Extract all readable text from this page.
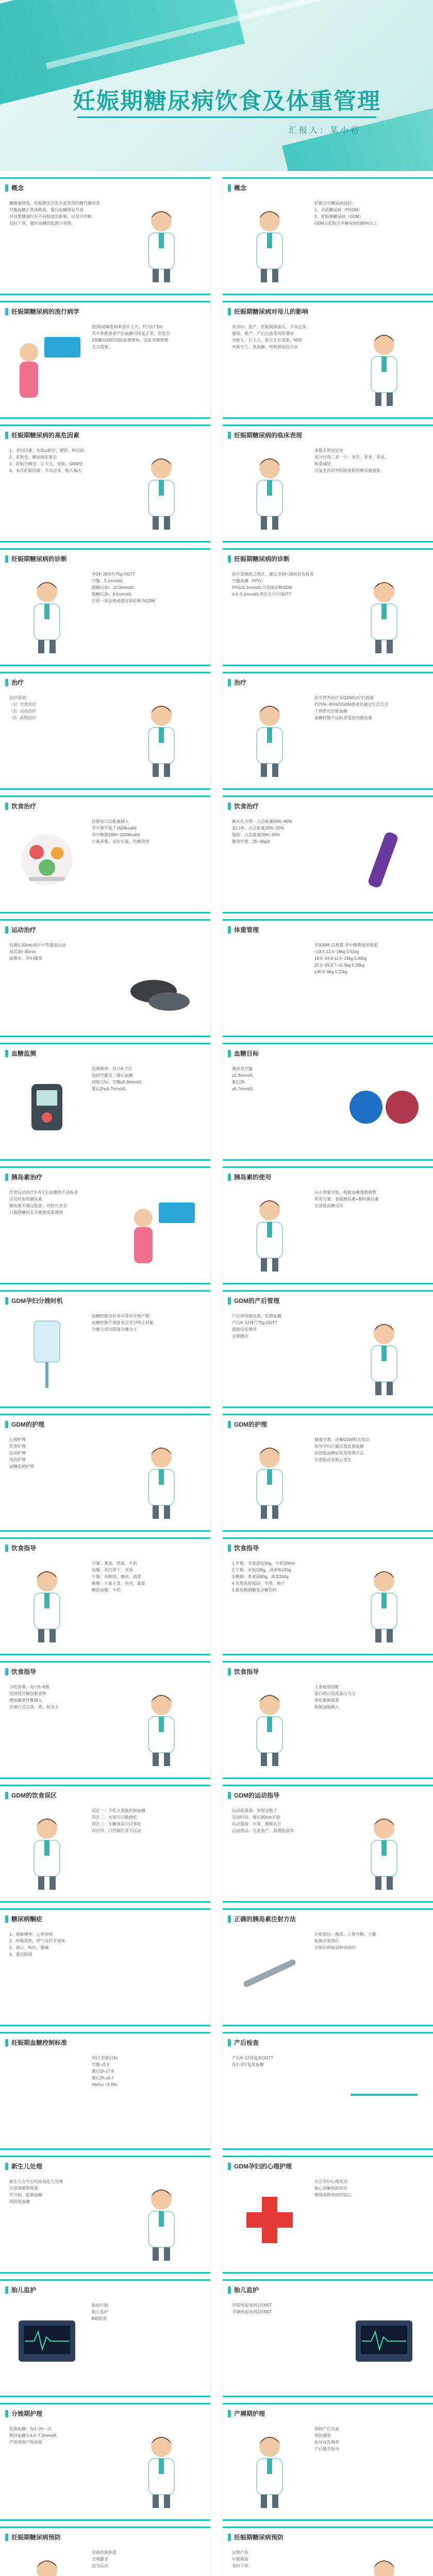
妊娠期糖尿病饮食及体重管理
汇报人：某小裕
概念
糖耐量降低：妊娠期首次发生或发现的糖代谢异常
空腹血糖正常或稍高，餐后血糖明显升高
对母婴健康均有不同程度的影响，应及早诊断、
及时干预，做好血糖的监测与管理。
概念
妊娠合并糖尿病包括：
1、孕前糖尿病（PGDM）
2、妊娠期糖尿病（GDM）
GDM占妊娠合并糖尿病的80%以上
妊娠期糖尿病的流行病学
我国GDM发病率逐年上升，约为17.5%
其中多数患者产后血糖可恢复正常，但发生
2型糖尿病的风险显著增加，因此孕期管理
尤为重要。
妊娠期糖尿病对母儿的影响
对孕妇：流产、妊娠期高血压、羊水过多、
感染、难产、产后出血等风险增加
对胎儿：巨大儿、胎儿生长受限、畸形
对新生儿：低血糖、呼吸窘迫综合征
妊娠期糖尿病的高危因素
1、孕妇因素：年龄≥35岁、肥胖、PCOS
2、家族史：糖尿病家族史
3、妊娠分娩史：巨大儿、死胎、GDM史
4、本次妊娠因素：羊水过多、胎儿偏大
妊娠期糖尿病的临床表现
多数无明显症状
部分出现三多一少：多饮、多食、多尿、
体重减轻
反复发作的外阴阴道假丝酵母菌感染
妊娠期糖尿病的诊断
孕24~28周行75g OGTT
空腹：5.1mmol/L
服糖后1h：10.0mmol/L
服糖后2h：8.5mmol/L
任何一项达到或超过即诊断为GDM
妊娠期糖尿病的诊断
医疗资源缺乏地区，建议孕24~28周首先检查
空腹血糖（FPG）
FPG≥5.1mmol/L可直接诊断GDM
4.4~5.1mmol/L者应尽早行OGTT
治疗
治疗原则：
（1）饮食治疗
（2）运动治疗
（3）药物治疗
治疗
医学营养治疗是GDM治疗的基础
约70%~85%的GDM患者仅通过生活方式
干预即可控制血糖
血糖控制不达标者需加用胰岛素
饮食治疗
控制每日总能量摄入
孕早期不低于1600kcal/d
孕中晚期1800~2200kcal/d
少量多餐，定时定量，均衡营养
饮食治疗
碳水化合物：占总能量50%~60%
蛋白质：占总能量15%~20%
脂肪：占总能量25%~30%
膳食纤维：25~30g/d
运动治疗
每餐后30min进行中等强度运动
每次30~40min
如散步、孕妇操等
体重管理
孕前BMI 总增重 孕中晚期每周增重
<18.5 12.5~18kg 0.51kg
18.5~24.9 11.5~16kg 0.42kg
25.0~29.9 7~11.5kg 0.28kg
≥30 5~9kg 0.22kg
血糖监测
监测频率：每日4~7次
包括空腹及三餐后血糖
控制目标：空腹≤5.3mmol/L
餐后2h≤6.7mmol/L
血糖目标
餐前及空腹
≤5.3mmol/L
餐后2h
≤6.7mmol/L
胰岛素治疗
饮食运动治疗3~5天后血糖仍不达标者
应及时加用胰岛素
胰岛素不通过胎盘，对胎儿安全
口服降糖药在孕期使用需谨慎
胰岛素的使用
从小剂量开始，根据血糖逐渐调整
常用方案：基础胰岛素+餐时胰岛素
注意低血糖反应
GDM孕妇分娩时机
血糖控制良好者可等待至预产期
血糖控制不满意者应及早终止妊娠
分娩方式以阴道分娩为主
GDM的产后管理
产后停用胰岛素，监测血糖
产后6~12周行75g OGTT
鼓励母乳喂养
定期随访
GDM的护理
心理护理
饮食护理
运动护理
用药护理
血糖监测护理
GDM的护理
健康宣教：讲解GDM相关知识
指导孕妇正确自我监测血糖
识别低血糖症状及处理方法
注意胎动及胎心变化
饮食指导
早餐：燕麦、鸡蛋、牛奶
加餐：苏打饼干、坚果
午餐：杂粮饭、瘦肉、蔬菜
晚餐：少量主食、鱼肉、蔬菜
睡前加餐：牛奶
饮食指导
1.早餐：全麦面包50g，牛奶250ml
2.午餐：米饭100g，清蒸鱼100g
3.晚餐：荞麦面80g，蔬菜200g
4.水果选择低GI：苹果、柚子
5.避免精制糖及含糖饮料
饮食指导
少吃多餐：每日5~6餐
选择低升糖指数食物
增加膳食纤维摄入
烹调方式以蒸、煮、炖为主
饮食指导
主食粗细搭配
蛋白质以优质蛋白为主
多吃新鲜蔬菜
限制油脂摄入
GDM的饮食误区
误区一：不吃主食能控制血糖
误区二：水果可以随便吃
误区三：无糖食品可以多吃
误区四：只控制饮食不运动
GDM的运动指导
运动前准备：穿舒适鞋子
运动时间：餐后30min开始
运动强度：中等，微微出汗
运动禁忌：先兆流产、前置胎盘等
糖尿病酮症
1、指脉搏率：心率加快
2、呼吸深快，呼气有烂苹果味
3、恶心、呕吐、腹痛
4、意识障碍
正确的胰岛素注射方法
注射部位：腹部、上臂外侧、大腿
轮换注射部位
注射后停留10秒再拔针
妊娠期血糖控制标准
项目 控制目标
空腹 ≤5.3
餐后1h ≤7.8
餐后2h ≤6.7
HbA1c <5.5%
产后检查
产后6~12周复查OGTT
每1~3年复查血糖
新生儿处理
新生儿出生后均按高危儿处理
注意保暖和吸氧
早开奶，监测血糖
预防低血糖
GDM孕妇的心理护理
关注孕妇心理状况
耐心讲解疾病知识
增强战胜疾病的信心
胎儿监护
胎动计数
胎心监护
B超检查
胎儿监护
孕32周起每周1次NST
孕36周起每周2次NST
分娩期护理
监测血糖：每1~2h一次
维持血糖在4.0~7.0mmol/L
严密观察产程进展
产褥期护理
预防产后出血
预防感染
指导母乳喂养
产后避孕指导
妊娠期糖尿病预防
孕前控制体重
合理膳食
适当运动
妊娠期糖尿病预防
定期产检
早期筛查
及时干预
